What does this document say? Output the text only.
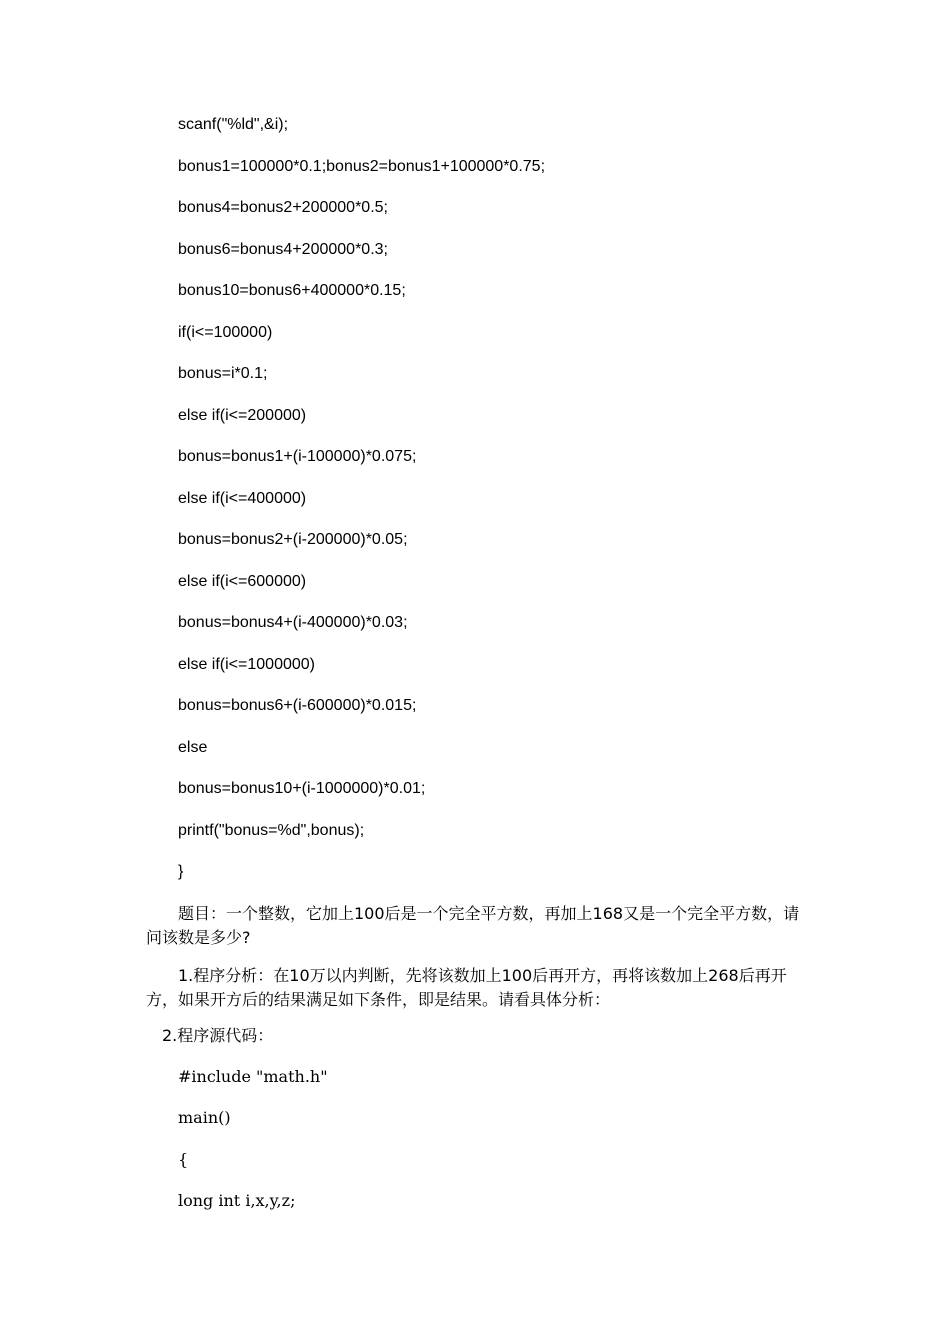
scanf("%ld",&i);
bonus1=100000*0.1;bonus2=bonus1+100000*0.75;
bonus4=bonus2+200000*0.5;
bonus6=bonus4+200000*0.3;
bonus10=bonus6+400000*0.15;
if(i<=100000)
bonus=i*0.1;
else if(i<=200000)
bonus=bonus1+(i-100000)*0.075;
else if(i<=400000)
bonus=bonus2+(i-200000)*0.05;
else if(i<=600000)
bonus=bonus4+(i-400000)*0.03;
else if(i<=1000000)
bonus=bonus6+(i-600000)*0.015;
else
bonus=bonus10+(i-1000000)*0.01;
printf("bonus=%d",bonus);
}
题目：一个整数，它加上100后是一个完全平方数，再加上168又是一个完全平方数，请问该数是多少?
1.程序分析：在10万以内判断，先将该数加上100后再开方，再将该数加上268后再开方，如果开方后的结果满足如下条件，即是结果。请看具体分析：
2.程序源代码：
#include "math.h"
main()
{
long int i,x,y,z;
